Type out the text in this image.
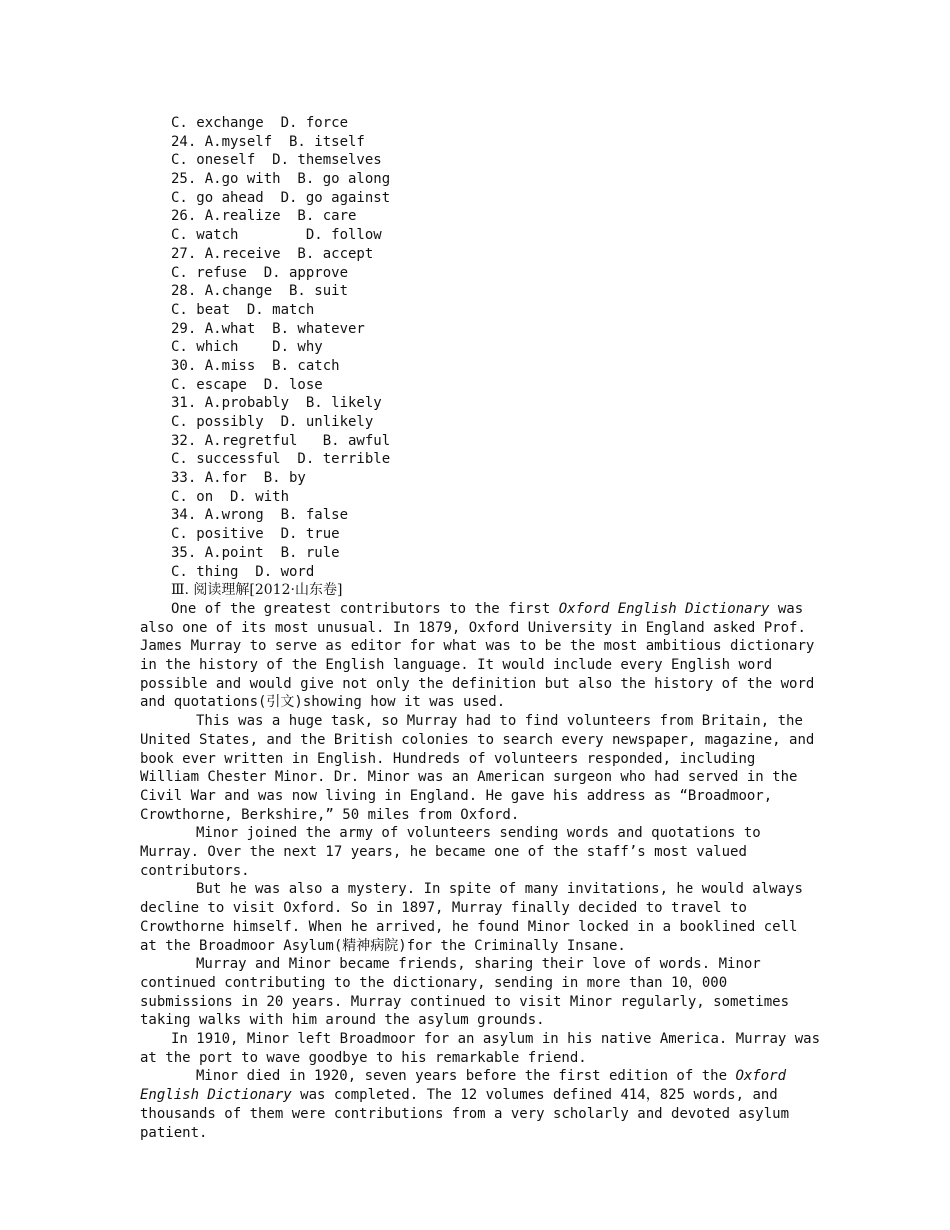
C. exchange  D. force
24. A.myself  B. itself
C. oneself  D. themselves
25. A.go with  B. go along
C. go ahead  D. go against
26. A.realize  B. care
C. watch        D. follow
27. A.receive  B. accept
C. refuse  D. approve
28. A.change  B. suit
C. beat  D. match
29. A.what  B. whatever
C. which    D. why
30. A.miss  B. catch
C. escape  D. lose
31. A.probably  B. likely
C. possibly  D. unlikely
32. A.regretful   B. awful
C. successful  D. terrible
33. A.for  B. by
C. on  D. with
34. A.wrong  B. false
C. positive  D. true
35. A.point  B. rule
C. thing  D. word
Ⅲ. 阅读理解[2012·山东卷]

One of the greatest contributors to the first Oxford English Dictionary was also one of its most unusual. In 1879, Oxford University in England asked Prof. James Murray to serve as editor for what was to be the most ambitious dictionary in the history of the English language. It would include every English word possible and would give not only the definition but also the history of the word and quotations(引文)showing how it was used.

This was a huge task, so Murray had to find volunteers from Britain, the United States, and the British colonies to search every newspaper, magazine, and book ever written in English. Hundreds of volunteers responded, including William Chester Minor. Dr. Minor was an American surgeon who had served in the Civil War and was now living in England. He gave his address as “Broadmoor, Crowthorne, Berkshire,” 50 miles from Oxford.

Minor joined the army of volunteers sending words and quotations to Murray. Over the next 17 years, he became one of the staff’s most valued contributors.

But he was also a mystery. In spite of many invitations, he would always decline to visit Oxford. So in 1897, Murray finally decided to travel to Crowthorne himself. When he arrived, he found Minor locked in a booklined cell at the Broadmoor Asylum(精神病院)for the Criminally Insane.

Murray and Minor became friends, sharing their love of words. Minor continued contributing to the dictionary, sending in more than 10，000 submissions in 20 years. Murray continued to visit Minor regularly, sometimes taking walks with him around the asylum grounds.

In 1910, Minor left Broadmoor for an asylum in his native America. Murray was at the port to wave goodbye to his remarkable friend.

Minor died in 1920, seven years before the first edition of the Oxford English Dictionary was completed. The 12 volumes defined 414，825 words, and thousands of them were contributions from a very scholarly and devoted asylum patient.
